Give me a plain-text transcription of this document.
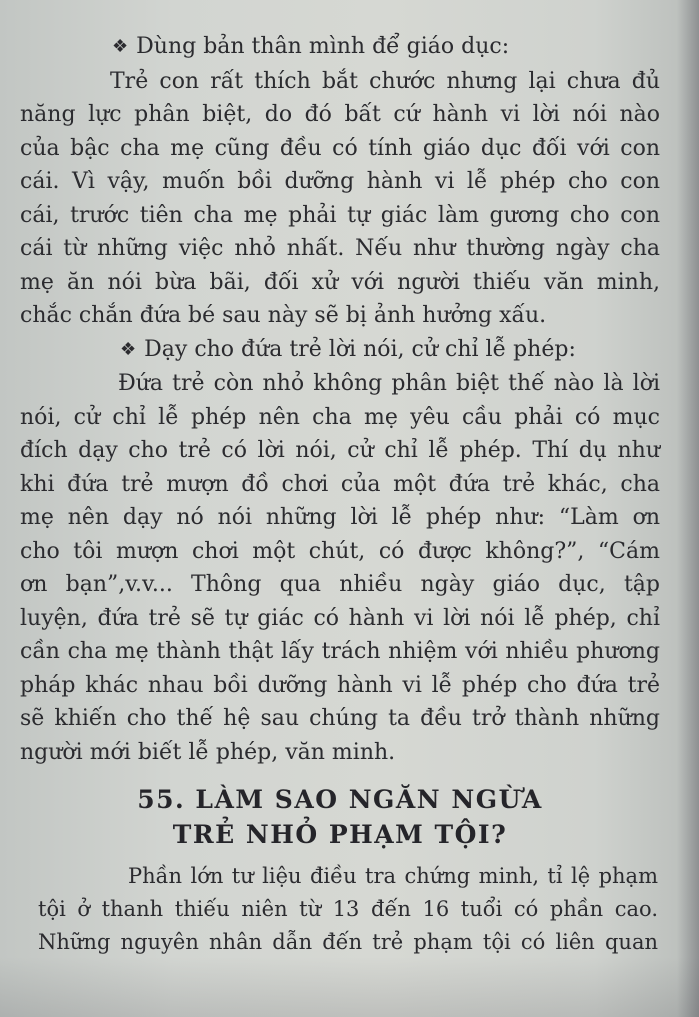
❖ Dùng bản thân mình để giáo dục:
Trẻ con rất thích bắt chước nhưng lại chưa đủ
năng lực phân biệt, do đó bất cứ hành vi lời nói nào
của bậc cha mẹ cũng đều có tính giáo dục đối với con
cái. Vì vậy, muốn bồi dưỡng hành vi lễ phép cho con
cái, trước tiên cha mẹ phải tự giác làm gương cho con
cái từ những việc nhỏ nhất. Nếu như thường ngày cha
mẹ ăn nói bừa bãi, đối xử với người thiếu văn minh,
chắc chắn đứa bé sau này sẽ bị ảnh hưởng xấu.
❖ Dạy cho đứa trẻ lời nói, cử chỉ lễ phép:
Đứa trẻ còn nhỏ không phân biệt thế nào là lời
nói, cử chỉ lễ phép nên cha mẹ yêu cầu phải có mục
đích dạy cho trẻ có lời nói, cử chỉ lễ phép. Thí dụ như
khi đứa trẻ mượn đồ chơi của một đứa trẻ khác, cha
mẹ nên dạy nó nói những lời lễ phép như: “Làm ơn
cho tôi mượn chơi một chút, có được không?”, “Cám
ơn bạn”,v.v... Thông qua nhiều ngày giáo dục, tập
luyện, đứa trẻ sẽ tự giác có hành vi lời nói lễ phép, chỉ
cần cha mẹ thành thật lấy trách nhiệm với nhiều phương
pháp khác nhau bồi dưỡng hành vi lễ phép cho đứa trẻ
sẽ khiến cho thế hệ sau chúng ta đều trở thành những
người mới biết lễ phép, văn minh.
55. LÀM SAO NGĂN NGỪA
TRẺ NHỎ PHẠM TỘI?
Phần lớn tư liệu điều tra chứng minh, tỉ lệ phạm
tội ở thanh thiếu niên từ 13 đến 16 tuổi có phần cao.
Những nguyên nhân dẫn đến trẻ phạm tội có liên quan
